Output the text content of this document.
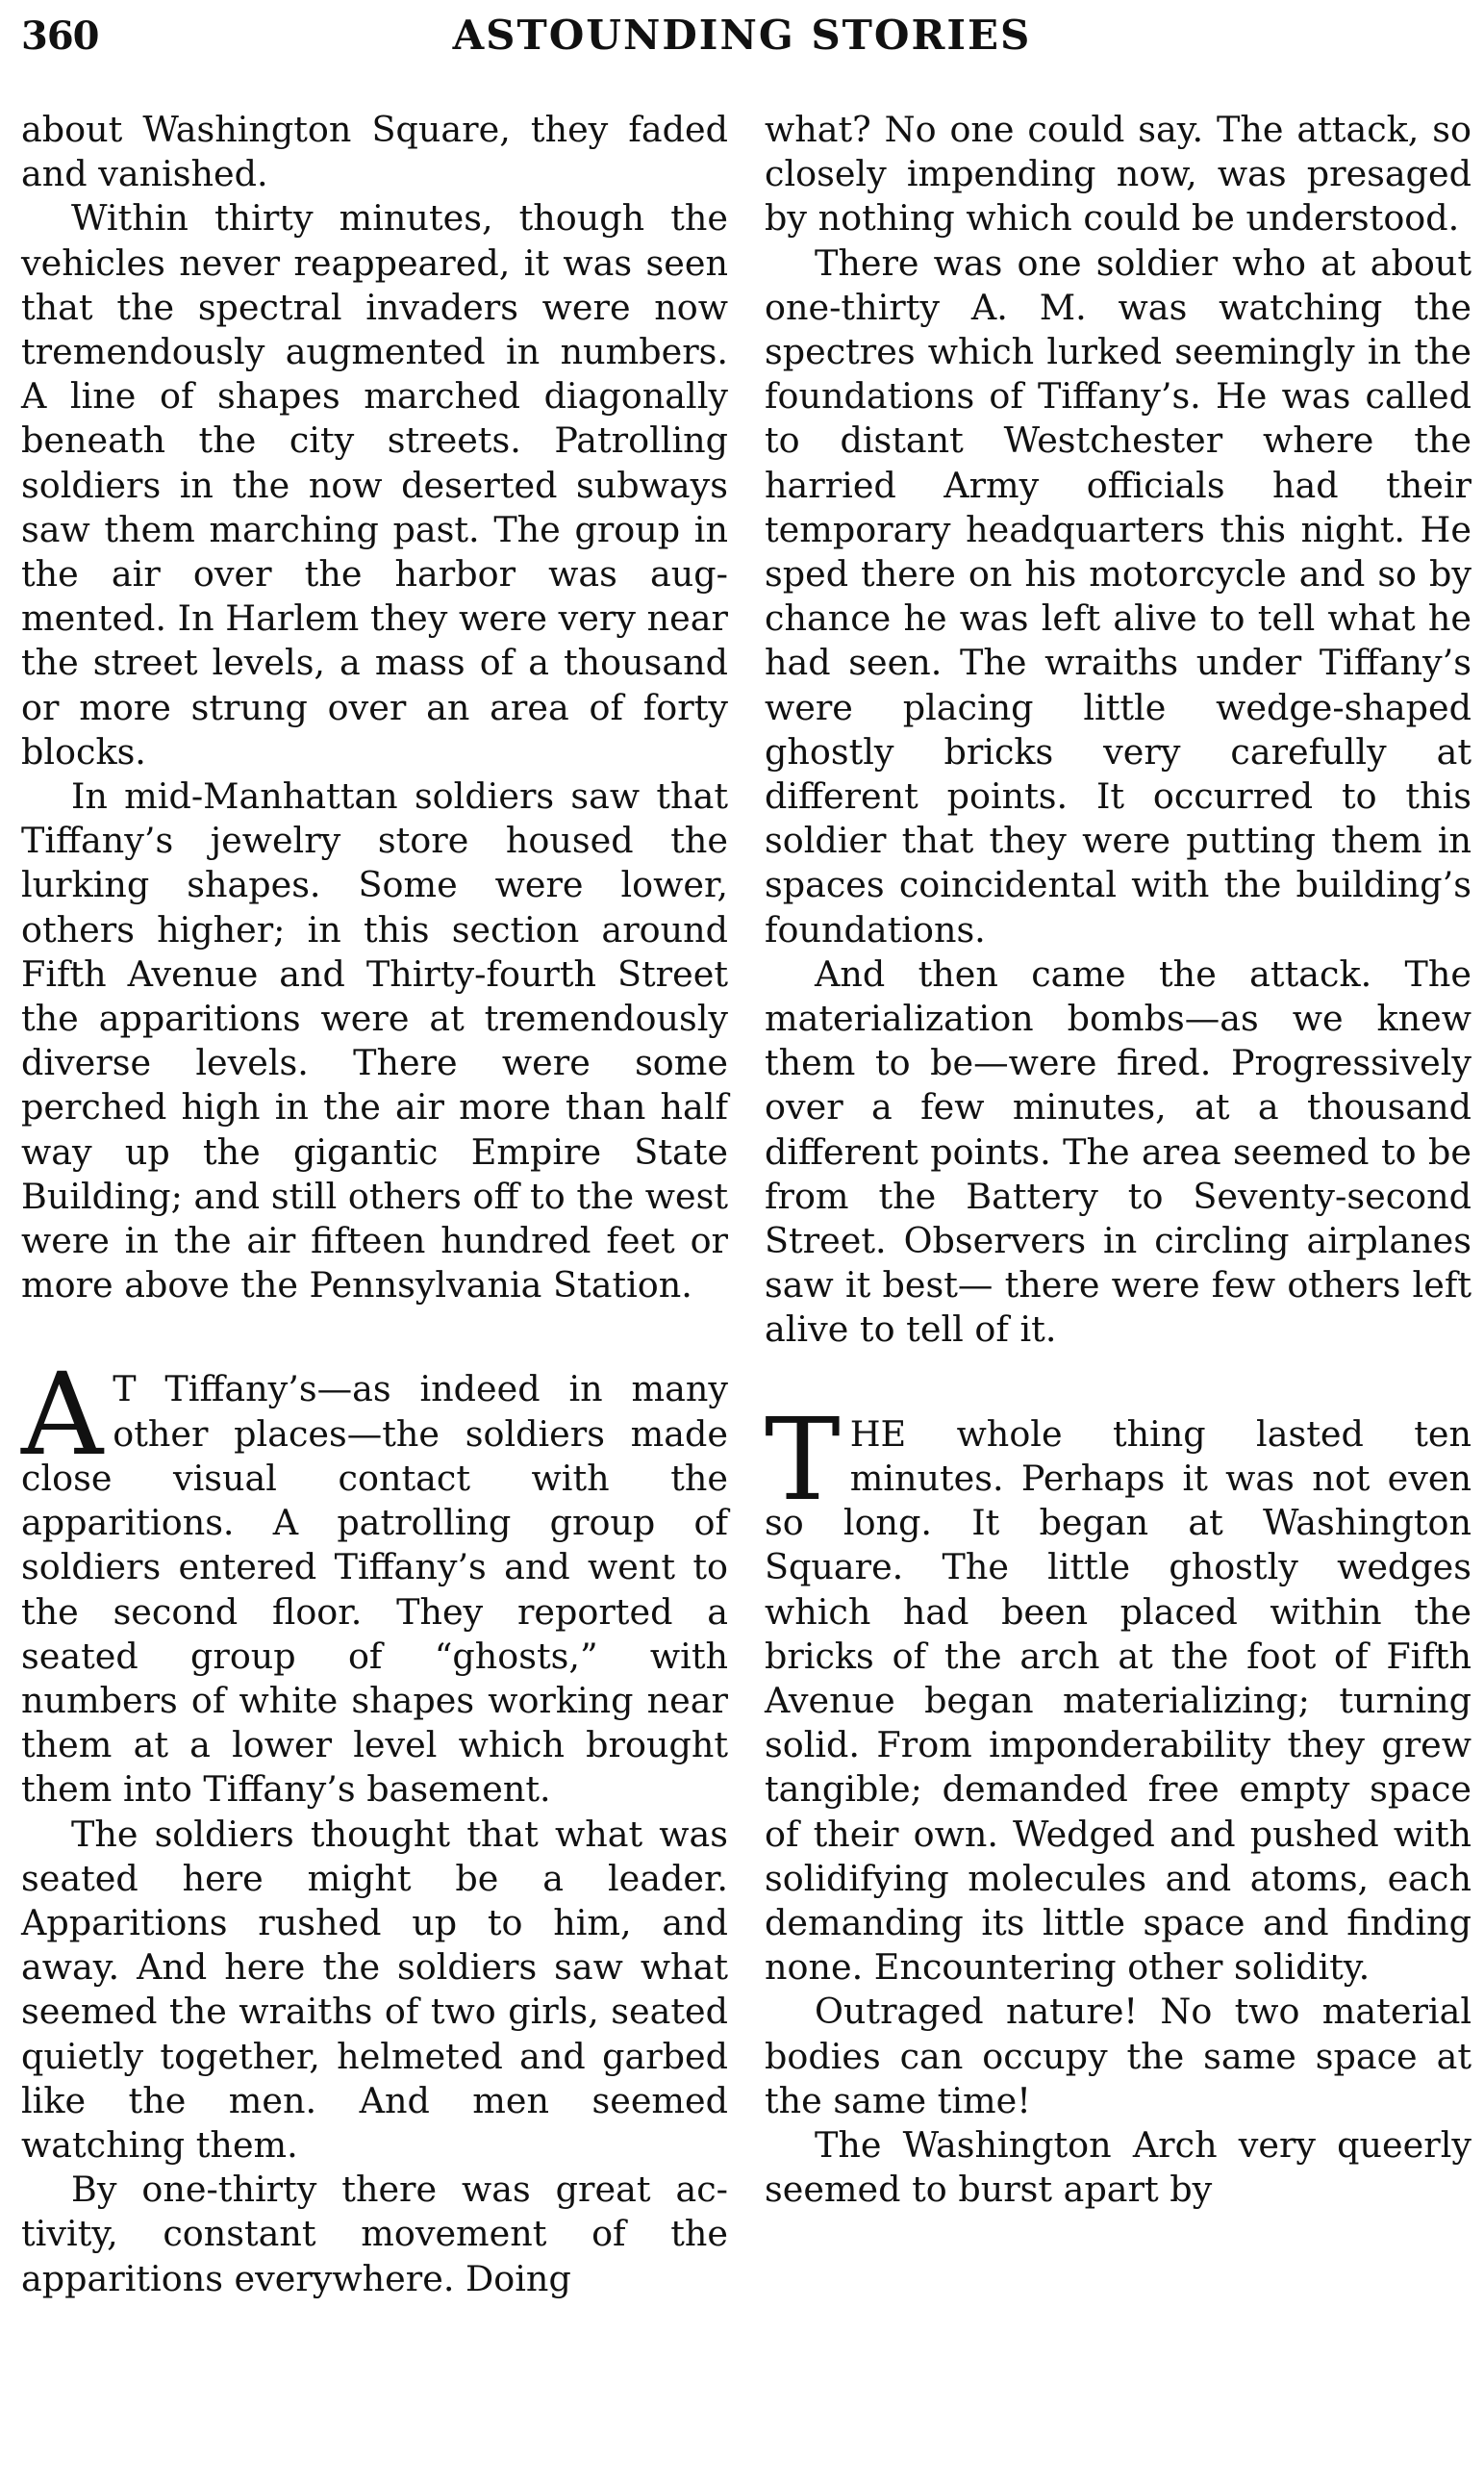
360	ASTOUNDING STORIES

about Washington Square, they faded and vanished.

Within thirty minutes, though the vehicles never reappeared, it was seen that the spectral invaders were now tremendously augmented in numbers. A line of shapes marched diagonally beneath the city streets. Patrolling soldiers in the now deserted subways saw them marching past. The group in the air over the harbor was augmented. In Harlem they were very near the street levels, a mass of a thousand or more strung over an area of forty blocks.

In mid-Manhattan soldiers saw that Tiffany’s jewelry store housed the lurking shapes. Some were lower, others higher; in this section around Fifth Avenue and Thirty-fourth Street the apparitions were at tremendously diverse levels. There were some perched high in the air more than half way up the gigantic Empire State Building; and still others off to the west were in the air fifteen hundred feet or more above the Pennsylvania Station.

A T Tiffany’s—as indeed in many other places—the soldiers made close visual contact with the apparitions. A patrolling group of soldiers entered Tiffany’s and went to the second floor. They reported a seated group of “ghosts,” with numbers of white shapes working near them at a lower level which brought them into Tiffany’s basement.

The soldiers thought that what was seated here might be a leader. Apparitions rushed up to him, and away. And here the soldiers saw what seemed the wraiths of two girls, seated quietly together, helmeted and garbed like the men. And men seemed watching them.

By one-thirty there was great activity, constant movement of the apparitions everywhere. Doing

what? No one could say. The attack, so closely impending now, was presaged by nothing which could be understood.

There was one soldier who at about one-thirty A. M. was watching the spectres which lurked seemingly in the foundations of Tiffany’s. He was called to distant Westchester where the harried Army officials had their temporary headquarters this night. He sped there on his motorcycle and so by chance he was left alive to tell what he had seen. The wraiths under Tiffany’s were placing little wedge-shaped ghostly bricks very carefully at different points. It occurred to this soldier that they were putting them in spaces coincidental with the building’s foundations.

And then came the attack. The materialization bombs—as we knew them to be—were fired. Progressively over a few minutes, at a thousand different points. The area seemed to be from the Battery to Seventy-second Street. Observers in circling airplanes saw it best— there were few others left alive to tell of it.

THE whole thing lasted ten minutes. Perhaps it was not even so long. It began at Washington Square. The little ghostly wedges which had been placed within the bricks of the arch at the foot of Fifth Avenue began materializing; turning solid. From imponderability they grew tangible; demanded free empty space of their own. Wedged and pushed with solidifying molecules and atoms, each demanding its little space and finding none. Encountering other solidity.

Outraged nature! No two material bodies can occupy the same space at the same time!

The Washington Arch very queerly seemed to burst apart by
